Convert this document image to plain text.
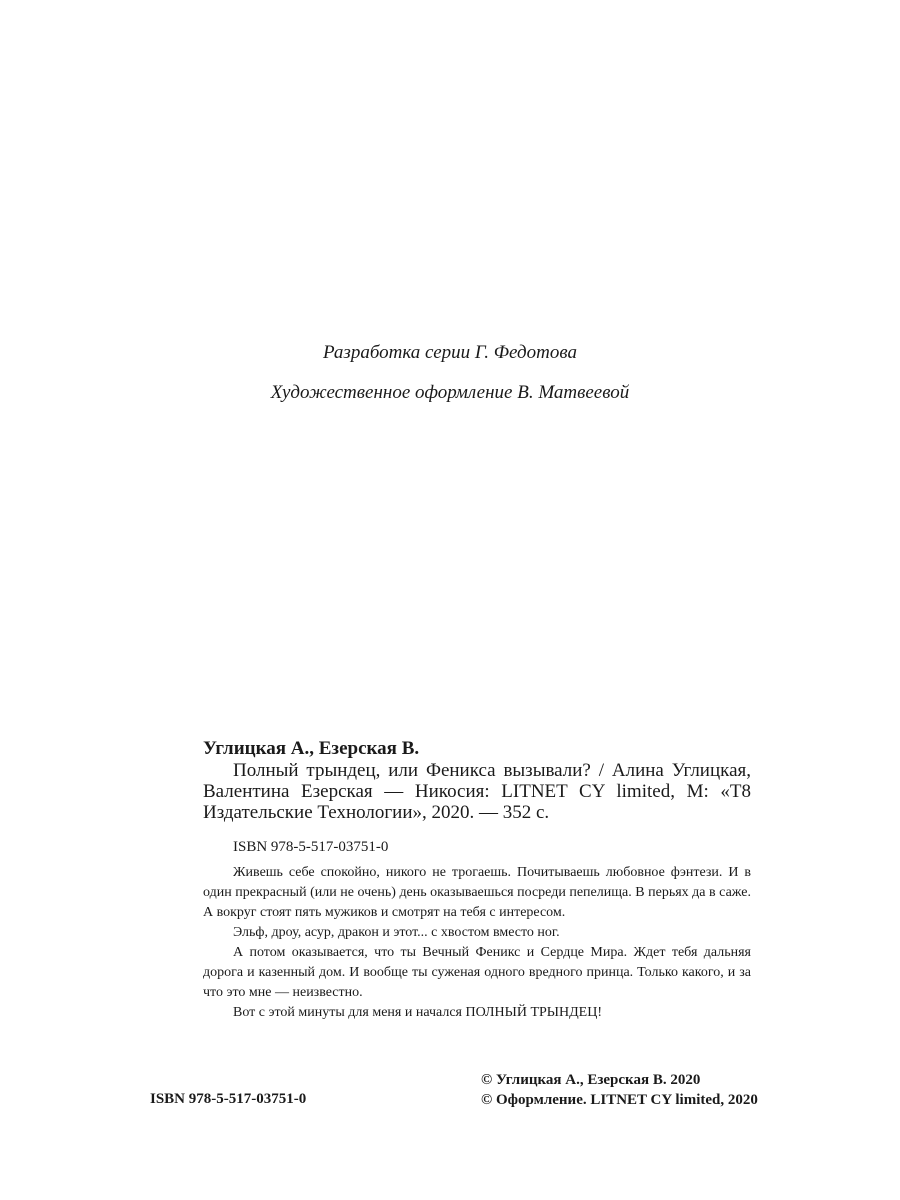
Разработка серии Г. Федотова
Художественное оформление В. Матвеевой
Углицкая А., Езерская В.
Полный трындец, или Феникса вызывали? / Алина Углицкая, Валентина Езерская — Никосия: LITNET CY limited, М: «Т8 Издательские Технологии», 2020. — 352 с.
ISBN 978-5-517-03751-0

Живешь себе спокойно, никого не трогаешь. Почитываешь любовное фэнтези. И в один прекрасный (или не очень) день оказываешься посреди пепелища. В перьях да в саже. А вокруг стоят пять мужиков и смотрят на тебя с интересом.

Эльф, дроу, асур, дракон и этот... с хвостом вместо ног.

А потом оказывается, что ты Вечный Феникс и Сердце Мира. Ждет тебя дальняя дорога и казенный дом. И вообще ты суженая одного вредного принца. Только какого, и за что это мне — неизвестно.

Вот с этой минуты для меня и начался ПОЛНЫЙ ТРЫНДЕЦ!

ISBN 978-5-517-03751-0
© Углицкая А., Езерская В. 2020
© Оформление. LITNET CY limited, 2020
